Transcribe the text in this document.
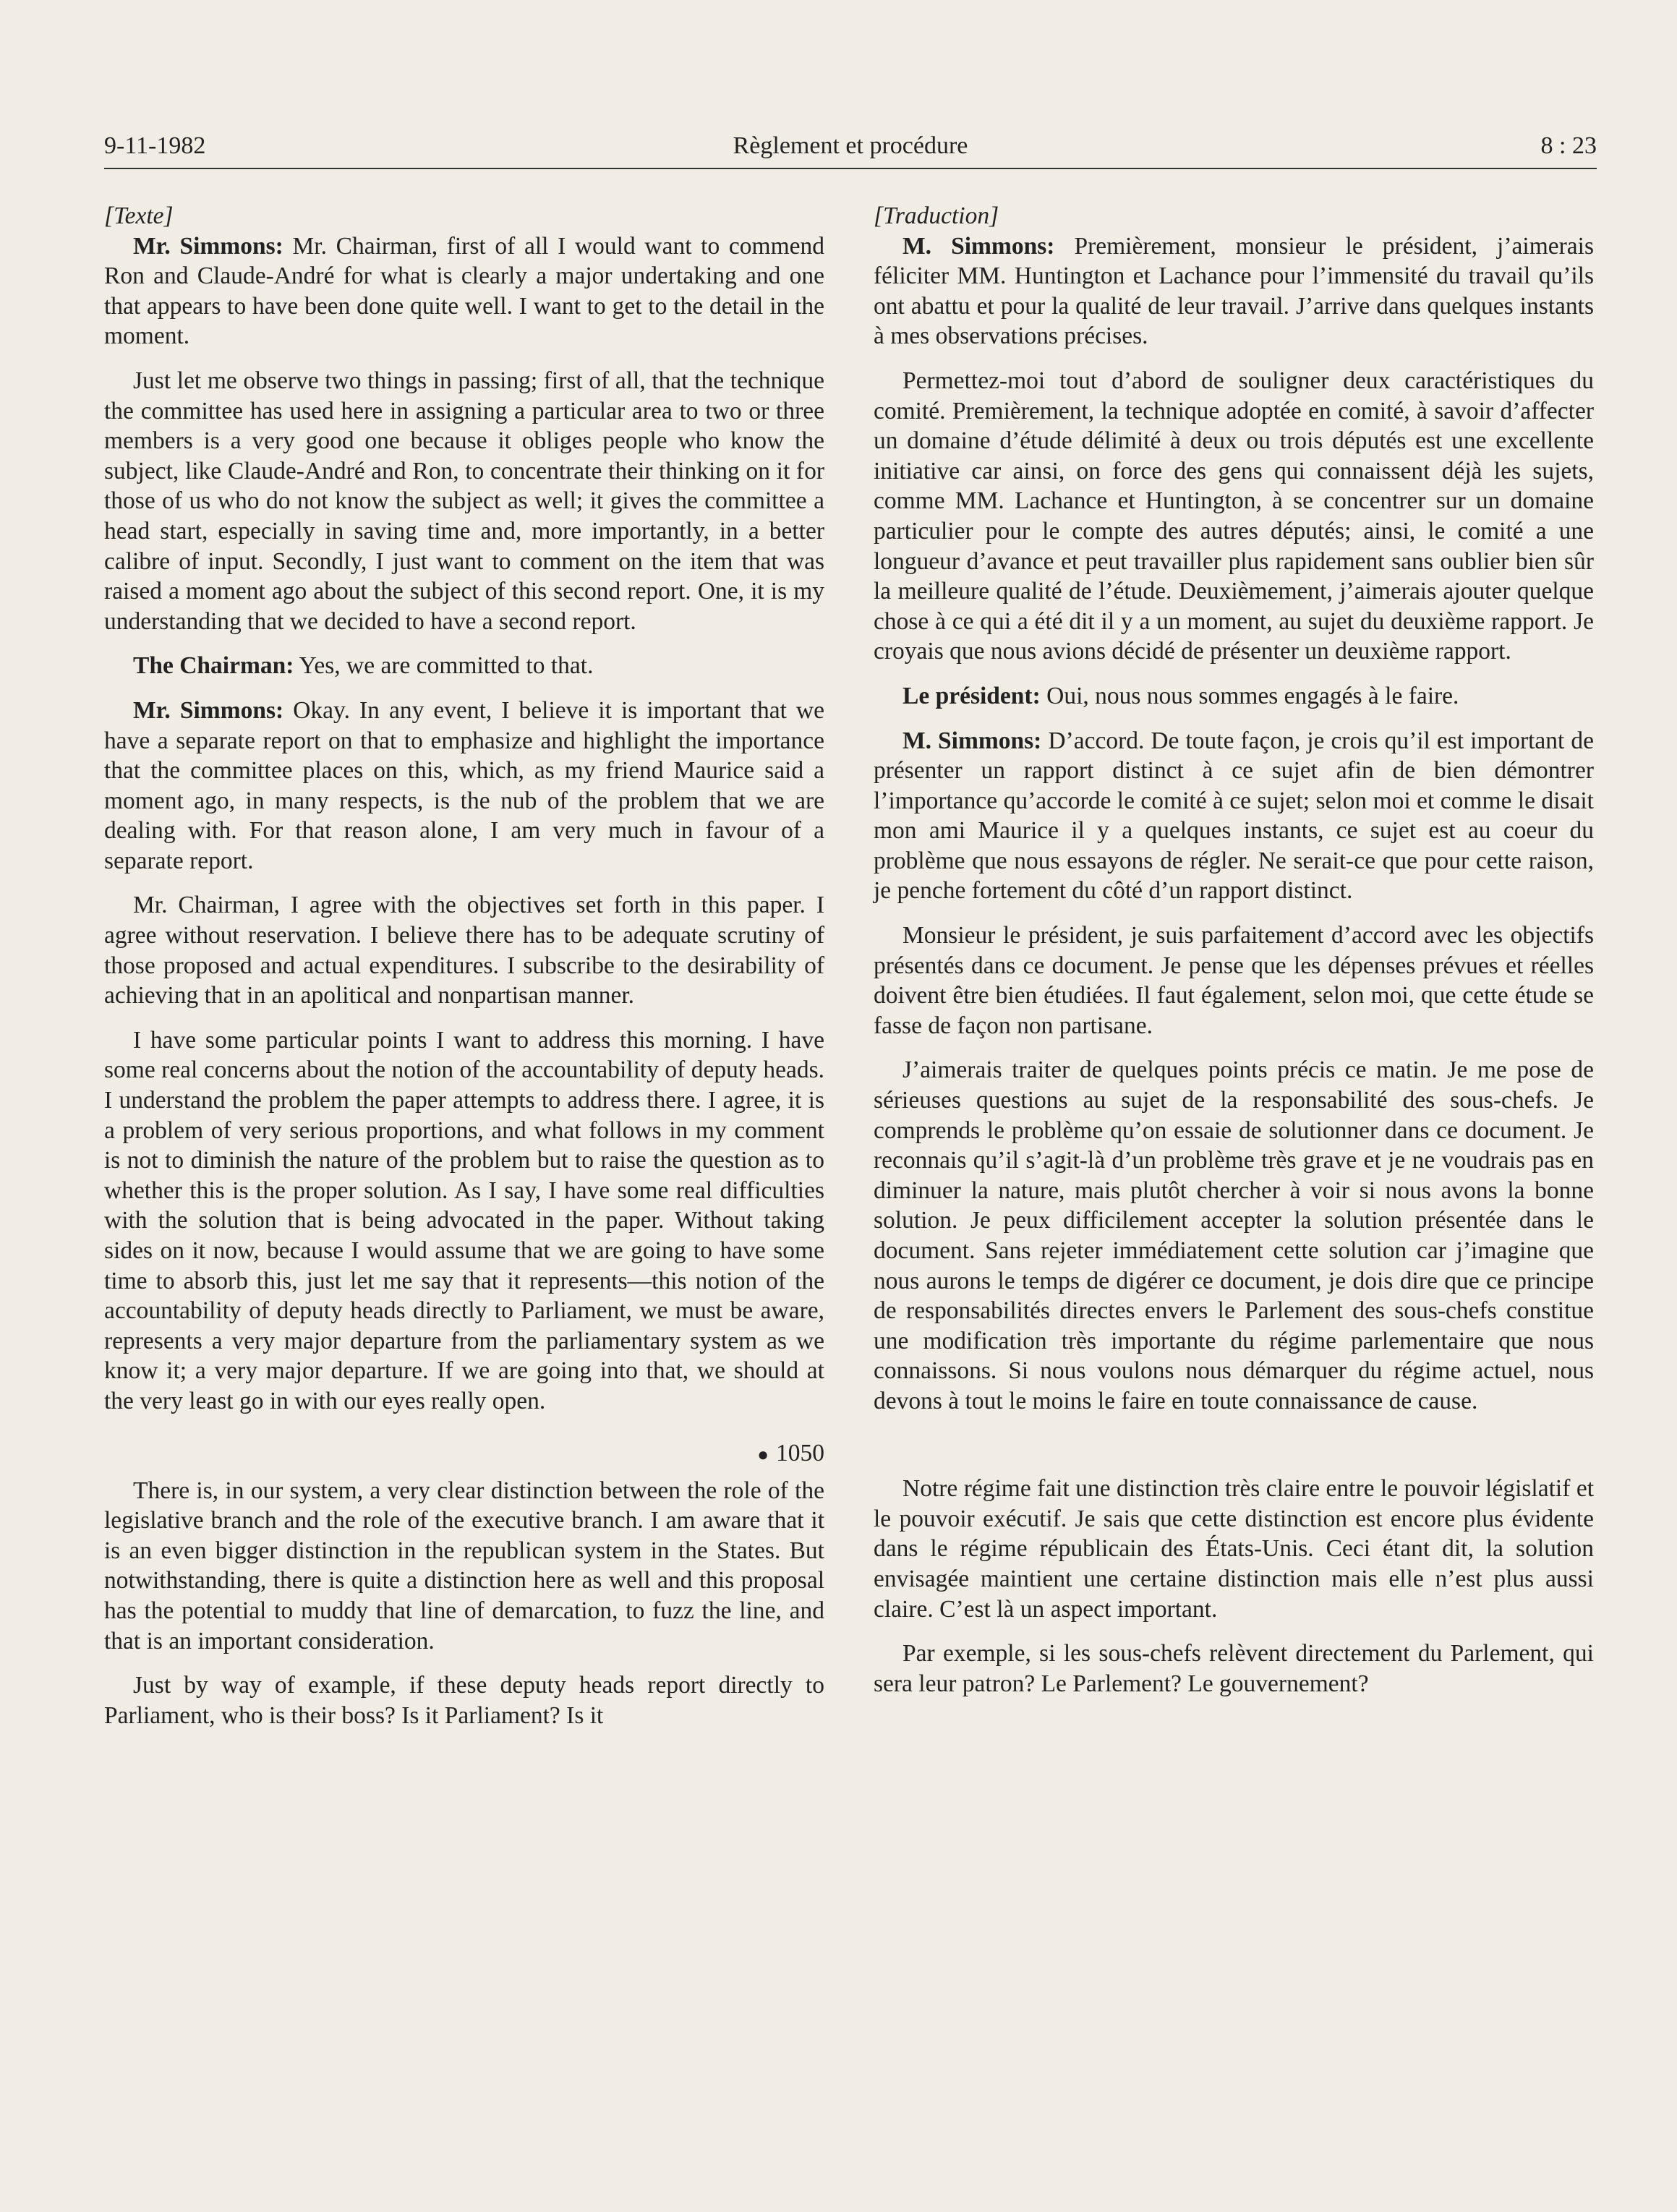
9-11-1982	Règlement et procédure	8 : 23
[Texte]

Mr. Simmons: Mr. Chairman, first of all I would want to commend Ron and Claude-André for what is clearly a major undertaking and one that appears to have been done quite well. I want to get to the detail in the moment.

Just let me observe two things in passing; first of all, that the technique the committee has used here in assigning a particular area to two or three members is a very good one because it obliges people who know the subject, like Claude-André and Ron, to concentrate their thinking on it for those of us who do not know the subject as well; it gives the committee a head start, especially in saving time and, more importantly, in a better calibre of input. Secondly, I just want to comment on the item that was raised a moment ago about the subject of this second report. One, it is my understanding that we decided to have a second report.

The Chairman: Yes, we are committed to that.

Mr. Simmons: Okay. In any event, I believe it is important that we have a separate report on that to emphasize and highlight the importance that the committee places on this, which, as my friend Maurice said a moment ago, in many respects, is the nub of the problem that we are dealing with. For that reason alone, I am very much in favour of a separate report.

Mr. Chairman, I agree with the objectives set forth in this paper. I agree without reservation. I believe there has to be adequate scrutiny of those proposed and actual expenditures. I subscribe to the desirability of achieving that in an apolitical and nonpartisan manner.

I have some particular points I want to address this morning. I have some real concerns about the notion of the accountability of deputy heads. I understand the problem the paper attempts to address there. I agree, it is a problem of very serious proportions, and what follows in my comment is not to diminish the nature of the problem but to raise the question as to whether this is the proper solution. As I say, I have some real difficulties with the solution that is being advocated in the paper. Without taking sides on it now, because I would assume that we are going to have some time to absorb this, just let me say that it represents—this notion of the accountability of deputy heads directly to Parliament, we must be aware, represents a very major departure from the parliamentary system as we know it; a very major departure. If we are going into that, we should at the very least go in with our eyes really open.

● 1050

There is, in our system, a very clear distinction between the role of the legislative branch and the role of the executive branch. I am aware that it is an even bigger distinction in the republican system in the States. But notwithstanding, there is quite a distinction here as well and this proposal has the potential to muddy that line of demarcation, to fuzz the line, and that is an important consideration.

Just by way of example, if these deputy heads report directly to Parliament, who is their boss? Is it Parliament? Is it

[Traduction]

M. Simmons: Premièrement, monsieur le président, j’aimerais féliciter MM. Huntington et Lachance pour l’immensité du travail qu’ils ont abattu et pour la qualité de leur travail. J’arrive dans quelques instants à mes observations précises.

Permettez-moi tout d’abord de souligner deux caractéristiques du comité. Premièrement, la technique adoptée en comité, à savoir d’affecter un domaine d’étude délimité à deux ou trois députés est une excellente initiative car ainsi, on force des gens qui connaissent déjà les sujets, comme MM. Lachance et Huntington, à se concentrer sur un domaine particulier pour le compte des autres députés; ainsi, le comité a une longueur d’avance et peut travailler plus rapidement sans oublier bien sûr la meilleure qualité de l’étude. Deuxièmement, j’aimerais ajouter quelque chose à ce qui a été dit il y a un moment, au sujet du deuxième rapport. Je croyais que nous avions décidé de présenter un deuxième rapport.

Le président: Oui, nous nous sommes engagés à le faire.

M. Simmons: D’accord. De toute façon, je crois qu’il est important de présenter un rapport distinct à ce sujet afin de bien démontrer l’importance qu’accorde le comité à ce sujet; selon moi et comme le disait mon ami Maurice il y a quelques instants, ce sujet est au coeur du problème que nous essayons de régler. Ne serait-ce que pour cette raison, je penche fortement du côté d’un rapport distinct.

Monsieur le président, je suis parfaitement d’accord avec les objectifs présentés dans ce document. Je pense que les dépenses prévues et réelles doivent être bien étudiées. Il faut également, selon moi, que cette étude se fasse de façon non partisane.

J’aimerais traiter de quelques points précis ce matin. Je me pose de sérieuses questions au sujet de la responsabilité des sous-chefs. Je comprends le problème qu’on essaie de solutionner dans ce document. Je reconnais qu’il s’agit-là d’un problème très grave et je ne voudrais pas en diminuer la nature, mais plutôt chercher à voir si nous avons la bonne solution. Je peux difficilement accepter la solution présentée dans le document. Sans rejeter immédiatement cette solution car j’imagine que nous aurons le temps de digérer ce document, je dois dire que ce principe de responsabilités directes envers le Parlement des sous-chefs constitue une modification très importante du régime parlementaire que nous connaissons. Si nous voulons nous démarquer du régime actuel, nous devons à tout le moins le faire en toute connaissance de cause.

Notre régime fait une distinction très claire entre le pouvoir législatif et le pouvoir exécutif. Je sais que cette distinction est encore plus évidente dans le régime républicain des États-Unis. Ceci étant dit, la solution envisagée maintient une certaine distinction mais elle n’est plus aussi claire. C’est là un aspect important.

Par exemple, si les sous-chefs relèvent directement du Parlement, qui sera leur patron? Le Parlement? Le gouvernement?
